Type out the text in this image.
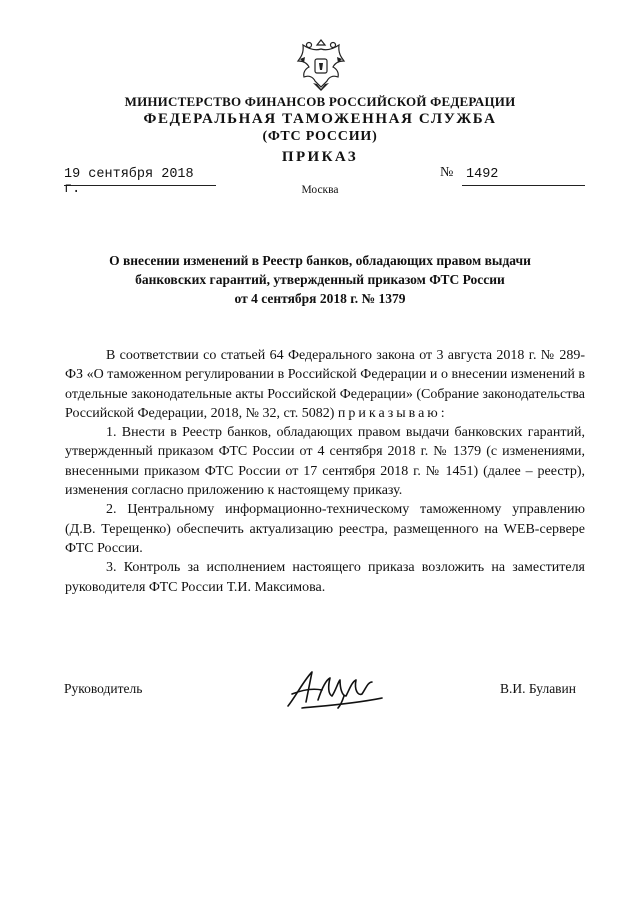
МИНИСТЕРСТВО ФИНАНСОВ РОССИЙСКОЙ ФЕДЕРАЦИИ
ФЕДЕРАЛЬНАЯ ТАМОЖЕННАЯ СЛУЖБА
(ФТС РОССИИ)
ПРИКАЗ
19 сентября 2018 г.
№ 1492
Москва
О внесении изменений в Реестр банков, обладающих правом выдачи
банковских гарантий, утвержденный приказом ФТС России
от 4 сентября 2018 г. № 1379

В соответствии со статьей 64 Федерального закона от 3 августа 2018 г. № 289-ФЗ «О таможенном регулировании в Российской Федерации и о внесении изменений в отдельные законодательные акты Российской Федерации» (Собрание законодательства Российской Федерации, 2018, № 32, ст. 5082) приказываю:

1. Внести в Реестр банков, обладающих правом выдачи банковских гарантий, утвержденный приказом ФТС России от 4 сентября 2018 г. № 1379 (с изменениями, внесенными приказом ФТС России от 17 сентября 2018 г. № 1451) (далее – реестр), изменения согласно приложению к настоящему приказу.

2. Центральному информационно-техническому таможенному управлению (Д.В. Терещенко) обеспечить актуализацию реестра, размещенного на WEB-сервере ФТС России.

3. Контроль за исполнением настоящего приказа возложить на заместителя руководителя ФТС России Т.И. Максимова.

Руководитель	В.И. Булавин
